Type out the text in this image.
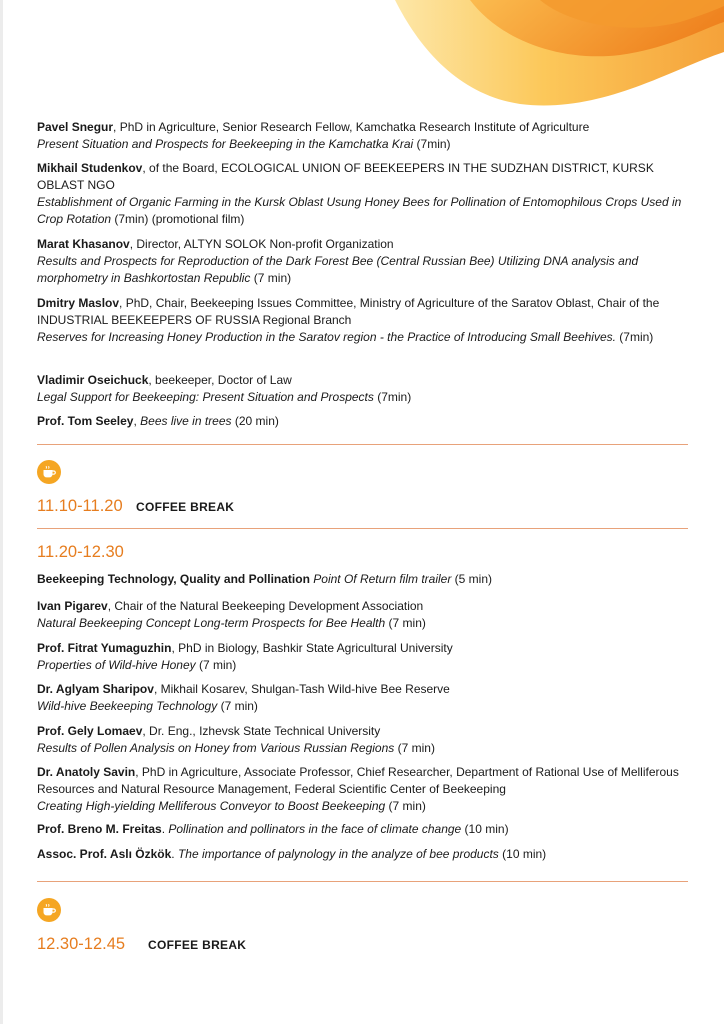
Pavel Snegur, PhD in Agriculture, Senior Research Fellow, Kamchatka Research Institute of Agriculture
Present Situation and Prospects for Beekeeping in the Kamchatka Krai (7min)
Mikhail Studenkov, of the Board, ECOLOGICAL UNION OF BEEKEEPERS IN THE SUDZHAN DISTRICT, KURSK OBLAST NGO
Establishment of Organic Farming in the Kursk Oblast Usung Honey Bees for Pollination of Entomophilous Crops Used in Crop Rotation (7min) (promotional film)
Marat Khasanov, Director, ALTYN SOLOK Non-profit Organization
Results and Prospects for Reproduction of the Dark Forest Bee (Central Russian Bee) Utilizing DNA analysis and morphometry in Bashkortostan Republic (7 min)
Dmitry Maslov, PhD, Chair, Beekeeping Issues Committee, Ministry of Agriculture of the Saratov Oblast, Chair of the INDUSTRIAL BEEKEEPERS OF RUSSIA Regional Branch
Reserves for Increasing Honey Production in the Saratov region - the Practice of Introducing Small Beehives. (7min)
Vladimir Oseichuck, beekeeper, Doctor of Law
Legal Support for Beekeeping: Present Situation and Prospects (7min)
Prof. Tom Seeley, Bees live in trees (20 min)
11.10-11.20 COFFEE BREAK
11.20-12.30
Beekeeping Technology, Quality and Pollination Point Of Return film trailer (5 min)
Ivan Pigarev, Chair of the Natural Beekeeping Development Association
Natural Beekeeping Concept Long-term Prospects for Bee Health (7 min)
Prof. Fitrat Yumaguzhin, PhD in Biology, Bashkir State Agricultural University
Properties of Wild-hive Honey (7 min)
Dr. Aglyam Sharipov, Mikhail Kosarev, Shulgan-Tash Wild-hive Bee Reserve
Wild-hive Beekeeping Technology (7 min)
Prof. Gely Lomaev, Dr. Eng., Izhevsk State Technical University
Results of Pollen Analysis on Honey from Various Russian Regions (7 min)
Dr. Anatoly Savin, PhD in Agriculture, Associate Professor, Chief Researcher, Department of Rational Use of Melliferous Resources and Natural Resource Management, Federal Scientific Center of Beekeeping
Creating High-yielding Melliferous Conveyor to Boost Beekeeping (7 min)
Prof. Breno M. Freitas. Pollination and pollinators in the face of climate change (10 min)
Assoc. Prof. Aslı Özkök. The importance of palynology in the analyze of bee products (10 min)
12.30-12.45 COFFEE BREAK
